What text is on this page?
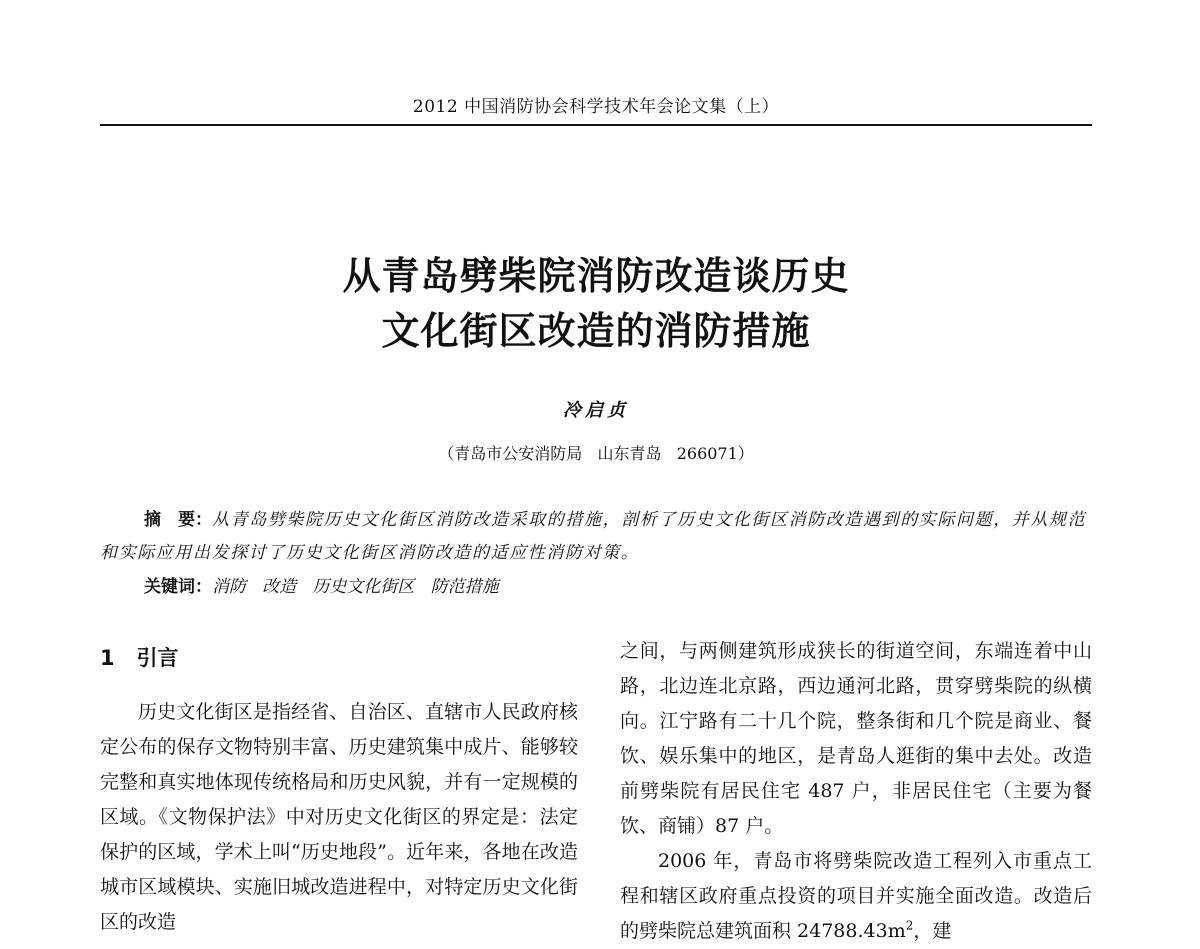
2012 中国消防协会科学技术年会论文集（上）
从青岛劈柴院消防改造谈历史
文化街区改造的消防措施
冷启贞
（青岛市公安消防局   山东青岛   266071）
摘　要：从青岛劈柴院历史文化街区消防改造采取的措施，剖析了历史文化街区消防改造遇到的实际问题，并从规范和实际应用出发探讨了历史文化街区消防改造的适应性消防对策。
关键词：消防   改造   历史文化街区   防范措施
1   引言

历史文化街区是指经省、自治区、直辖市人民政府核定公布的保存文物特别丰富、历史建筑集中成片、能够较完整和真实地体现传统格局和历史风貌，并有一定规模的区域。《文物保护法》中对历史文化街区的界定是：法定保护的区域，学术上叫“历史地段”。近年来，各地在改造城市区域模块、实施旧城改造进程中，对特定历史文化街区的改造

之间，与两侧建筑形成狭长的街道空间，东端连着中山路，北边连北京路，西边通河北路，贯穿劈柴院的纵横向。江宁路有二十几个院，整条街和几个院是商业、餐饮、娱乐集中的地区，是青岛人逛街的集中去处。改造前劈柴院有居民住宅 487 户，非居民住宅（主要为餐饮、商铺）87 户。

2006 年，青岛市将劈柴院改造工程列入市重点工程和辖区政府重点投资的项目并实施全面改造。改造后的劈柴院总建筑面积 $24788.43m^2$，建
